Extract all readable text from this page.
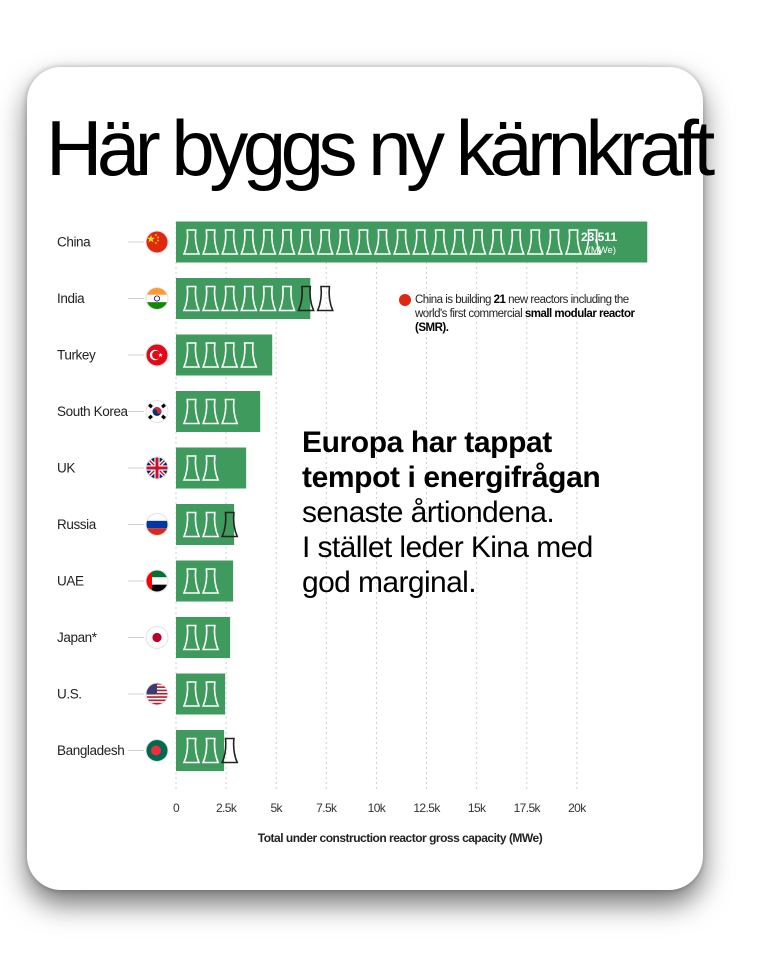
Här byggs ny kärnkraft
China
India
Turkey
South Korea
UK
Russia
UAE
Japan*
U.S.
Bangladesh
23,511
(MWe)
0	2.5k	5k	7.5k	10k 12.5k 15k 17.5k 20k
Total under construction reactor gross capacity (MWe)
China is building 21 new reactors including the world's first commercial small modular reactor (SMR).
Europa har tappat
tempot i energifrågan
senaste årtiondena.
I stället leder Kina med
god marginal.
